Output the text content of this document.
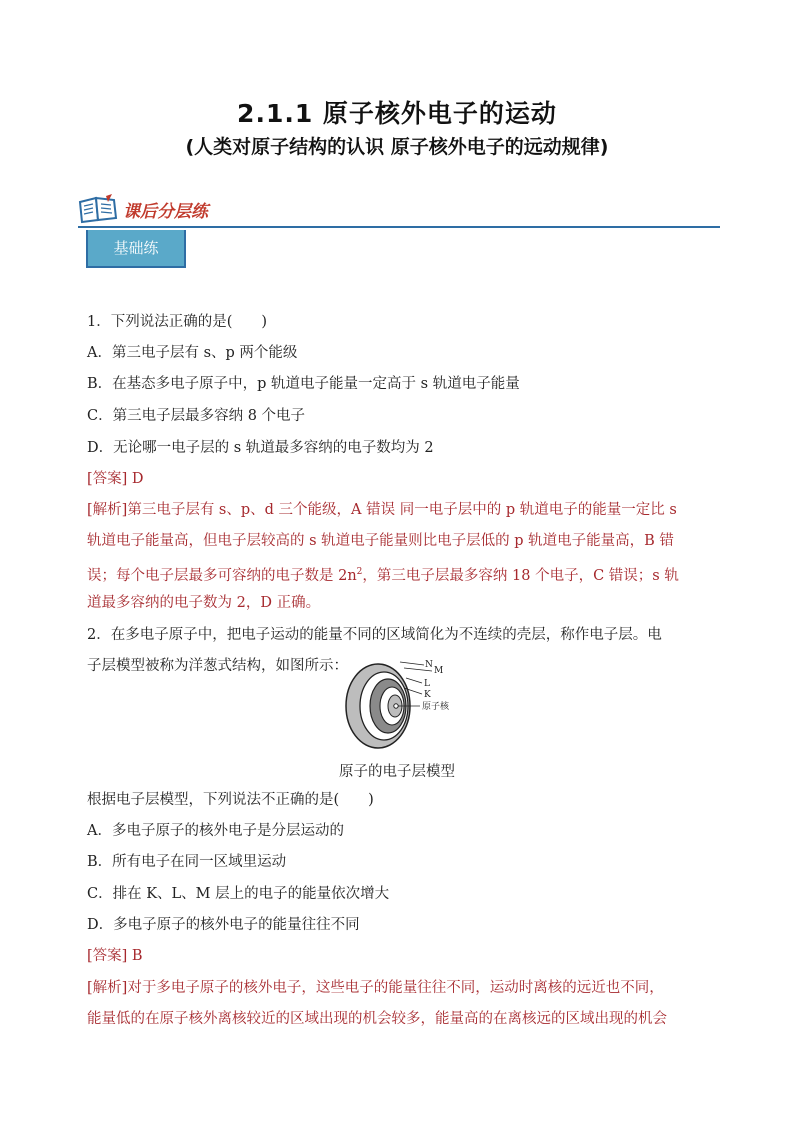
2.1.1 原子核外电子的运动
(人类对原子结构的认识 原子核外电子的远动规律)
课后分层练
基础练
1．下列说法正确的是(　　)
A．第三电子层有 s、p 两个能级
B．在基态多电子原子中，p 轨道电子能量一定高于 s 轨道电子能量
C．第三电子层最多容纳 8 个电子
D．无论哪一电子层的 s 轨道最多容纳的电子数均为 2
[答案] D
[解析]第三电子层有 s、p、d 三个能级，A 错误 同一电子层中的 p 轨道电子的能量一定比 s
轨道电子能量高，但电子层较高的 s 轨道电子能量则比电子层低的 p 轨道电子能量高，B 错
误；每个电子层最多可容纳的电子数是 $2n^2$，第三电子层最多容纳 18 个电子，C 错误；s 轨
道最多容纳的电子数为 2，D 正确。
2．在多电子原子中，把电子运动的能量不同的区域简化为不连续的壳层，称作电子层。电
子层模型被称为洋葱式结构，如图所示：	N
M
L
K
原子核
原子的电子层模型
根据电子层模型，下列说法不正确的是(　　)
A．多电子原子的核外电子是分层运动的
B．所有电子在同一区域里运动
C．排在 K、L、M 层上的电子的能量依次增大
D．多电子原子的核外电子的能量往往不同
[答案] B
[解析]对于多电子原子的核外电子，这些电子的能量往往不同，运动时离核的远近也不同，
能量低的在原子核外离核较近的区域出现的机会较多，能量高的在离核远的区域出现的机会
